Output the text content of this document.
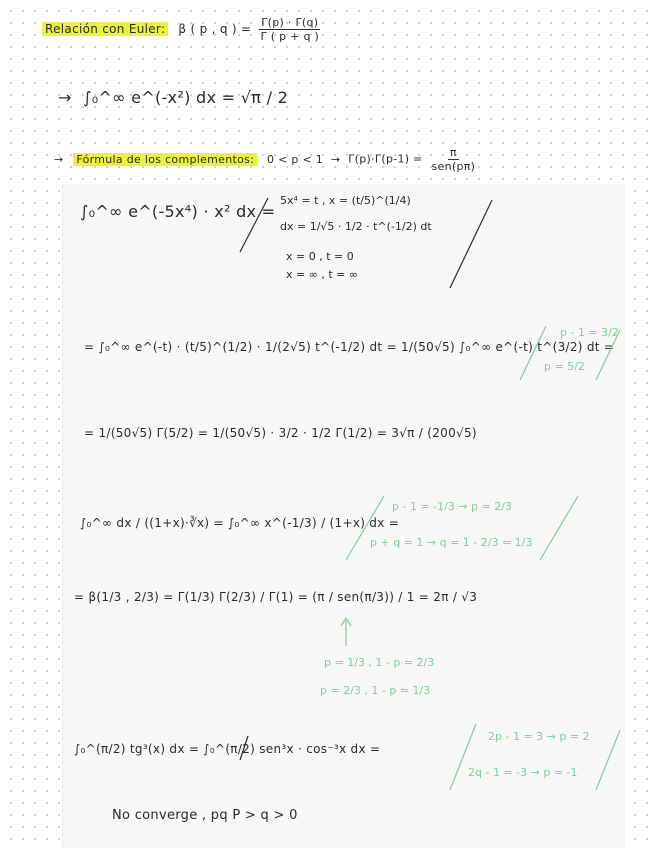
Relación con Euler: β ( p , q ) = $\frac{\Gamma(p) \cdot \Gamma(q)}{\Gamma ( p + q )}$
→ ∫₀^∞ e^(-x²) dx = √π / 2
→ Fórmula de los complementos: $0 < p < 1 \to \Gamma(p)\cdot\Gamma(p-1) = \frac{\pi}{\text{sen(pπ)}}$
∫₀^∞ e^(-5x⁴) · x² dx =
5x⁴ = t , x = (t/5)^(1/4)
dx = 1/√5 · 1/2 · t^(-1/2) dt
x = 0 , t = 0
x = ∞ , t = ∞
= ∫₀^∞ e^(-t) · (t/5)^(1/2) · 1/(2√5) t^(-1/2) dt = 1/(50√5) ∫₀^∞ e^(-t) t^(3/2) dt =
p - 1 = 3/2
p = 5/2
= 1/(50√5) Γ(5/2) = 1/(50√5) · 3/2 · 1/2 Γ(1/2) = 3√π / (200√5)
∫₀^∞ dx / ((1+x)·∛x) = ∫₀^∞ x^(-1/3) / (1+x) dx =
p - 1 = -1/3 → p = 2/3
p + q = 1 → q = 1 - 2/3 = 1/3
= β(1/3 , 2/3) = Γ(1/3) Γ(2/3) / Γ(1) = (π / sen(π/3)) / 1 = 2π / √3
p = 1/3 , 1 - p = 2/3
p = 2/3 , 1 - p = 1/3
∫₀^(π/2) tg³(x) dx = ∫₀^(π/2) sen³x · cos⁻³x dx =
2p - 1 = 3 → p = 2
2q - 1 = -3 → p = -1
No converge , pq P > q > 0
